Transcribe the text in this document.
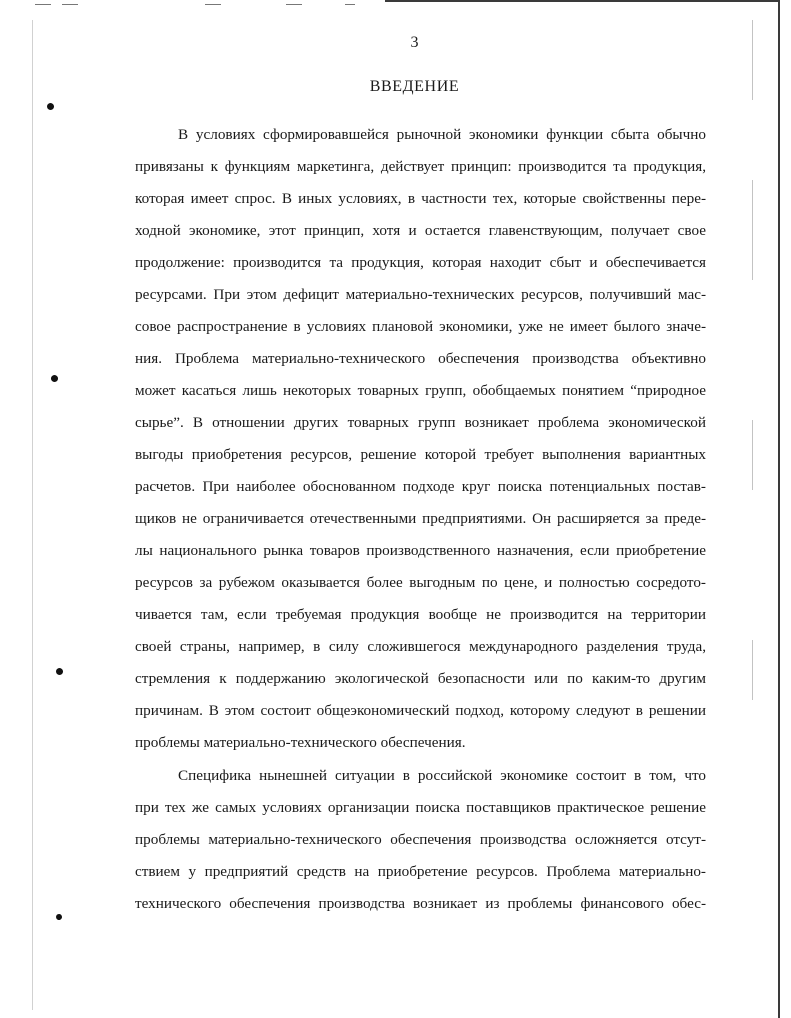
3
ВВЕДЕНИЕ
В условиях сформировавшейся рыночной экономики функции сбыта обычно
привязаны к функциям маркетинга, действует принцип: производится та продукция,
которая имеет спрос. В иных условиях, в частности тех, которые свойственны пере-
ходной экономике, этот принцип, хотя и остается главенствующим, получает свое
продолжение: производится та продукция, которая находит сбыт и обеспечивается
ресурсами. При этом дефицит материально-технических ресурсов, получивший мас-
совое распространение в условиях плановой экономики, уже не имеет былого значе-
ния. Проблема материально-технического обеспечения производства объективно
может касаться лишь некоторых товарных групп, обобщаемых понятием “природное
сырье”. В отношении других товарных групп возникает проблема экономической
выгоды приобретения ресурсов, решение которой требует выполнения вариантных
расчетов. При наиболее обоснованном подходе круг поиска потенциальных постав-
щиков не ограничивается отечественными предприятиями. Он расширяется за преде-
лы национального рынка товаров производственного назначения, если приобретение
ресурсов за рубежом оказывается более выгодным по цене, и полностью сосредото-
чивается там, если требуемая продукция вообще не производится на территории
своей страны, например, в силу сложившегося международного разделения труда,
стремления к поддержанию экологической безопасности или по каким-то другим
причинам. В этом состоит общеэкономический подход, которому следуют в решении
проблемы материально-технического обеспечения.
Специфика нынешней ситуации в российской экономике состоит в том, что
при тех же самых условиях организации поиска поставщиков практическое решение
проблемы материально-технического обеспечения производства осложняется отсут-
ствием у предприятий средств на приобретение ресурсов. Проблема материально-
технического обеспечения производства возникает из проблемы финансового обес-
